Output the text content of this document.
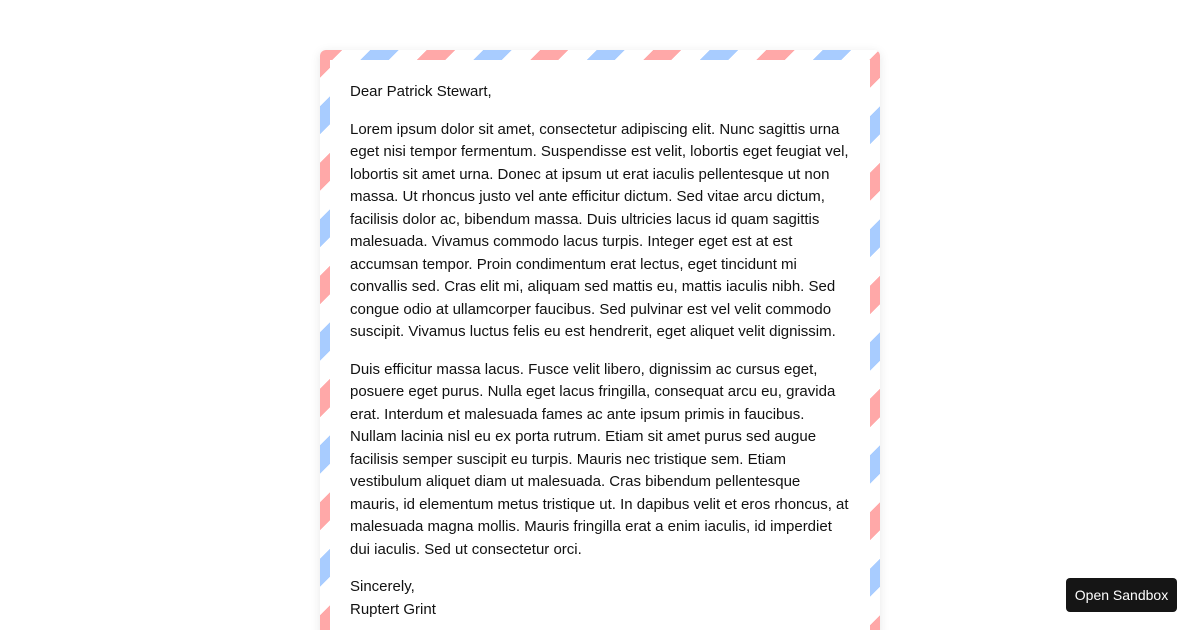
Dear Patrick Stewart,

Lorem ipsum dolor sit amet, consectetur adipiscing elit. Nunc sagittis urna eget nisi tempor fermentum. Suspendisse est velit, lobortis eget feugiat vel, lobortis sit amet urna. Donec at ipsum ut erat iaculis pellentesque ut non massa. Ut rhoncus justo vel ante efficitur dictum. Sed vitae arcu dictum, facilisis dolor ac, bibendum massa. Duis ultricies lacus id quam sagittis malesuada. Vivamus commodo lacus turpis. Integer eget est at est accumsan tempor. Proin condimentum erat lectus, eget tincidunt mi convallis sed. Cras elit mi, aliquam sed mattis eu, mattis iaculis nibh. Sed congue odio at ullamcorper faucibus. Sed pulvinar est vel velit commodo suscipit. Vivamus luctus felis eu est hendrerit, eget aliquet velit dignissim.

Duis efficitur massa lacus. Fusce velit libero, dignissim ac cursus eget, posuere eget purus. Nulla eget lacus fringilla, consequat arcu eu, gravida erat. Interdum et malesuada fames ac ante ipsum primis in faucibus. Nullam lacinia nisl eu ex porta rutrum. Etiam sit amet purus sed augue facilisis semper suscipit eu turpis. Mauris nec tristique sem. Etiam vestibulum aliquet diam ut malesuada. Cras bibendum pellentesque mauris, id elementum metus tristique ut. In dapibus velit et eros rhoncus, at malesuada magna mollis. Mauris fringilla erat a enim iaculis, id imperdiet dui iaculis. Sed ut consectetur orci.

Sincerely,
Ruptert Grint

Open Sandbox
